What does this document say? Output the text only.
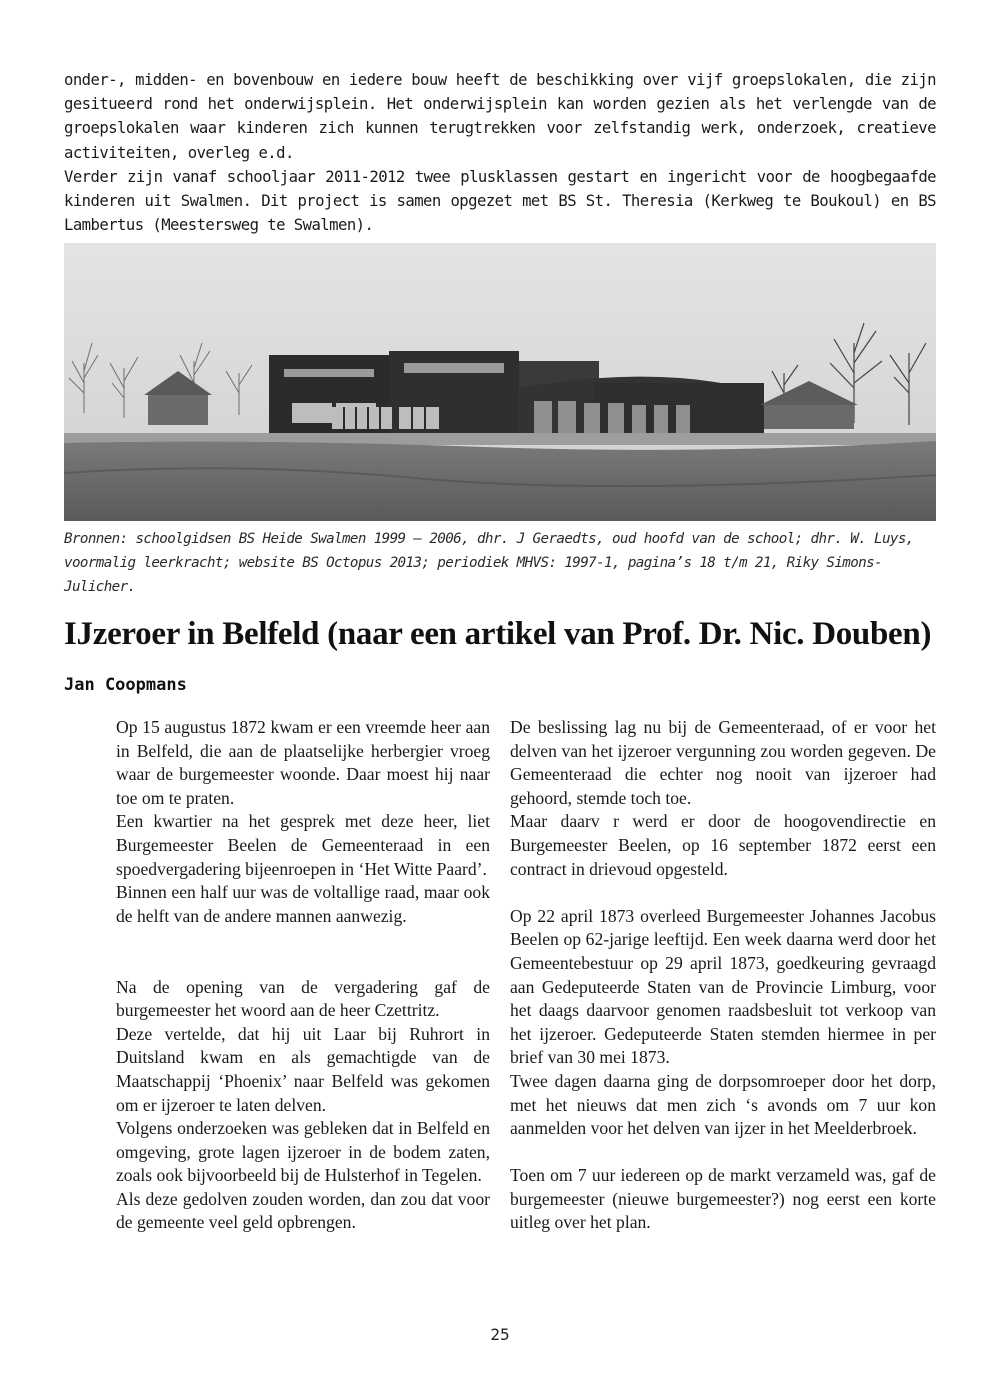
onder-, midden- en bovenbouw en iedere bouw heeft de beschikking over vijf groepslokalen, die zijn gesitueerd rond het onderwijsplein. Het onderwijsplein kan worden gezien als het verlengde van de groepslokalen waar kinderen zich kunnen terugtrekken voor zelfstandig werk, onderzoek, creatieve activiteiten, overleg e.d.

Verder zijn vanaf schooljaar 2011-2012 twee plusklassen gestart en ingericht voor de hoogbegaafde kinderen uit Swalmen. Dit project is samen opgezet met BS St. Theresia (Kerkweg te Boukoul) en BS Lambertus (Meestersweg te Swalmen).

Bronnen: schoolgidsen BS Heide Swalmen 1999 – 2006, dhr. J Geraedts, oud hoofd van de school; dhr. W. Luys, voormalig leerkracht; website BS Octopus 2013; periodiek MHVS: 1997-1, pagina’s 18 t/m 21, Riky Simons-Julicher.

IJzeroer in Belfeld (naar een artikel van Prof. Dr. Nic. Douben)

Jan Coopmans

Op 15 augustus 1872 kwam er een vreemde heer aan in Belfeld, die aan de plaatselijke herbergier vroeg waar de burgemeester woonde. Daar moest hij naar toe om te praten.

Een kwartier na het gesprek met deze heer, liet Burgemeester Beelen de Gemeenteraad in een spoedvergadering bijeenroepen in ‘Het Witte Paard’.

Binnen een half uur was de voltallige raad, maar ook de helft van de andere mannen aanwezig.

Na de opening van de vergadering gaf de burgemeester het woord aan de heer Czettritz.

Deze vertelde, dat hij uit Laar bij Ruhrort in Duitsland kwam en als gemachtigde van de Maatschappij ‘Phoenix’ naar Belfeld was gekomen om er ijzeroer te laten delven.

Volgens onderzoeken was gebleken dat in Belfeld en omgeving, grote lagen ijzeroer in de bodem zaten, zoals ook bijvoorbeeld bij de Hulsterhof in Tegelen.

Als deze gedolven zouden worden, dan zou dat voor de gemeente veel geld opbrengen.

De beslissing lag nu bij de Gemeenteraad, of er voor het delven van het ijzeroer vergunning zou worden gegeven. De Gemeenteraad die echter nog nooit van ijzeroer had gehoord, stemde toch toe.

Maar daarv r werd er door de hoogovendirectie en Burgemeester Beelen, op 16 september 1872 eerst een contract in drievoud opgesteld.

Op 22 april 1873 overleed Burgemeester Johannes Jacobus Beelen op 62-jarige leeftijd. Een week daarna werd door het Gemeentebestuur op 29 april 1873, goedkeuring gevraagd aan Gedeputeerde Staten van de Provincie Limburg, voor het daags daarvoor genomen raadsbesluit tot verkoop van het ijzeroer. Gedeputeerde Staten stemden hiermee in per brief van 30 mei 1873.

Twee dagen daarna ging de dorpsomroeper door het dorp, met het nieuws dat men zich ‘s avonds om 7 uur kon aanmelden voor het delven van ijzer in het Meelderbroek.

Toen om 7 uur iedereen op de markt verzameld was, gaf de burgemeester (nieuwe burgemeester?) nog eerst een korte uitleg over het plan.

25
